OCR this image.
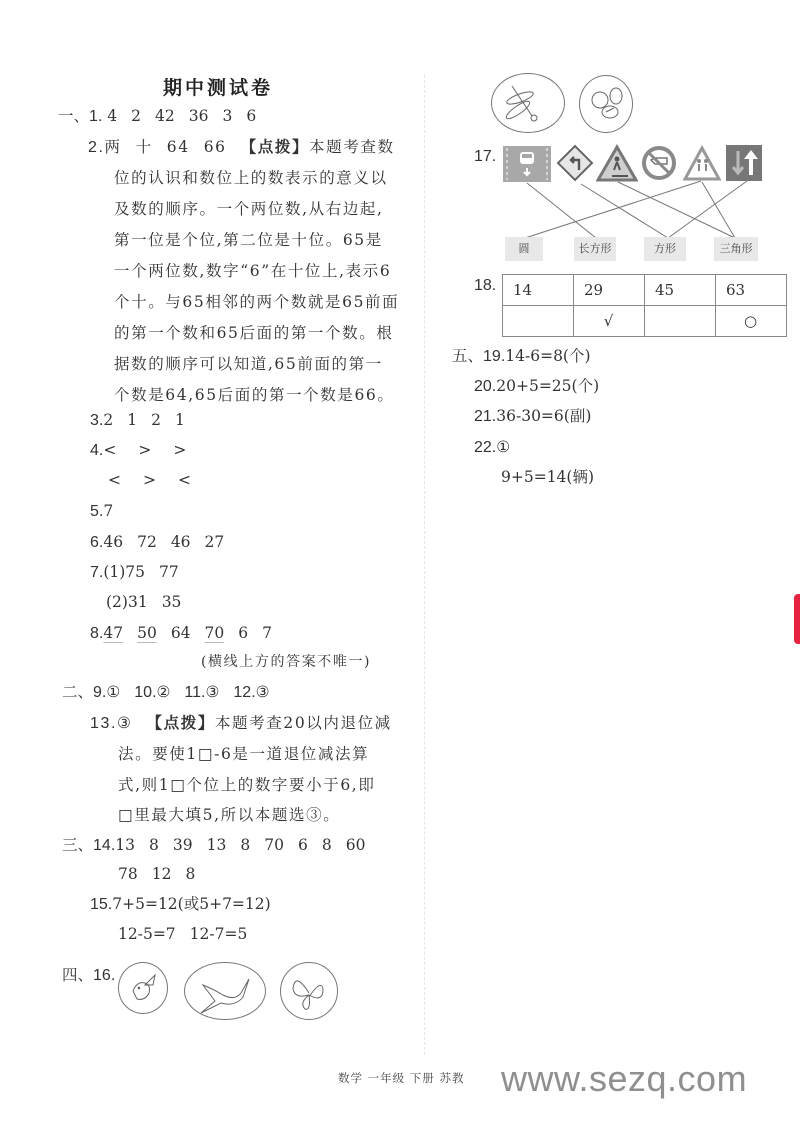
期中测试卷
一、1. 4 2 42 36 3 6
2.两 十 64 66 【点拨】本题考查数
位的认识和数位上的数表示的意义以
及数的顺序。一个两位数,从右边起,
第一位是个位,第二位是十位。65是
一个两位数,数字“6”在十位上,表示6
个十。与65相邻的两个数就是65前面
的第一个数和65后面的第一个数。根
据数的顺序可以知道,65前面的第一
个数是64,65后面的第一个数是66。
3.2 1 2 1
4.< > >
< > <
5.7
6.46 72 46 27
7.(1)75 77
(2)31 35
8.47 50 64 70 6 7
(横线上方的答案不唯一)
二、9.① 10.② 11.③ 12.③
13.③ 【点拨】本题考查20以内退位减
法。要使1□-6是一道退位减法算
式,则1□个位上的数字要小于6,即
□里最大填5,所以本题选③。
三、14.13 8 39 13 8 70 6 8 60
78 12 8
15.7+5=12(或5+7=12)
12-5=7 12-7=5
四、16.
17.
圆	长方形	方形	三角形
18. 14	29	45	63
	√		○
五、19.14-6=8(个)
20.20+5=25(个)
21.36-30=6(副)
22.①
9+5=14(辆)
数学 一年级 下册 苏教 www.sezq.com
